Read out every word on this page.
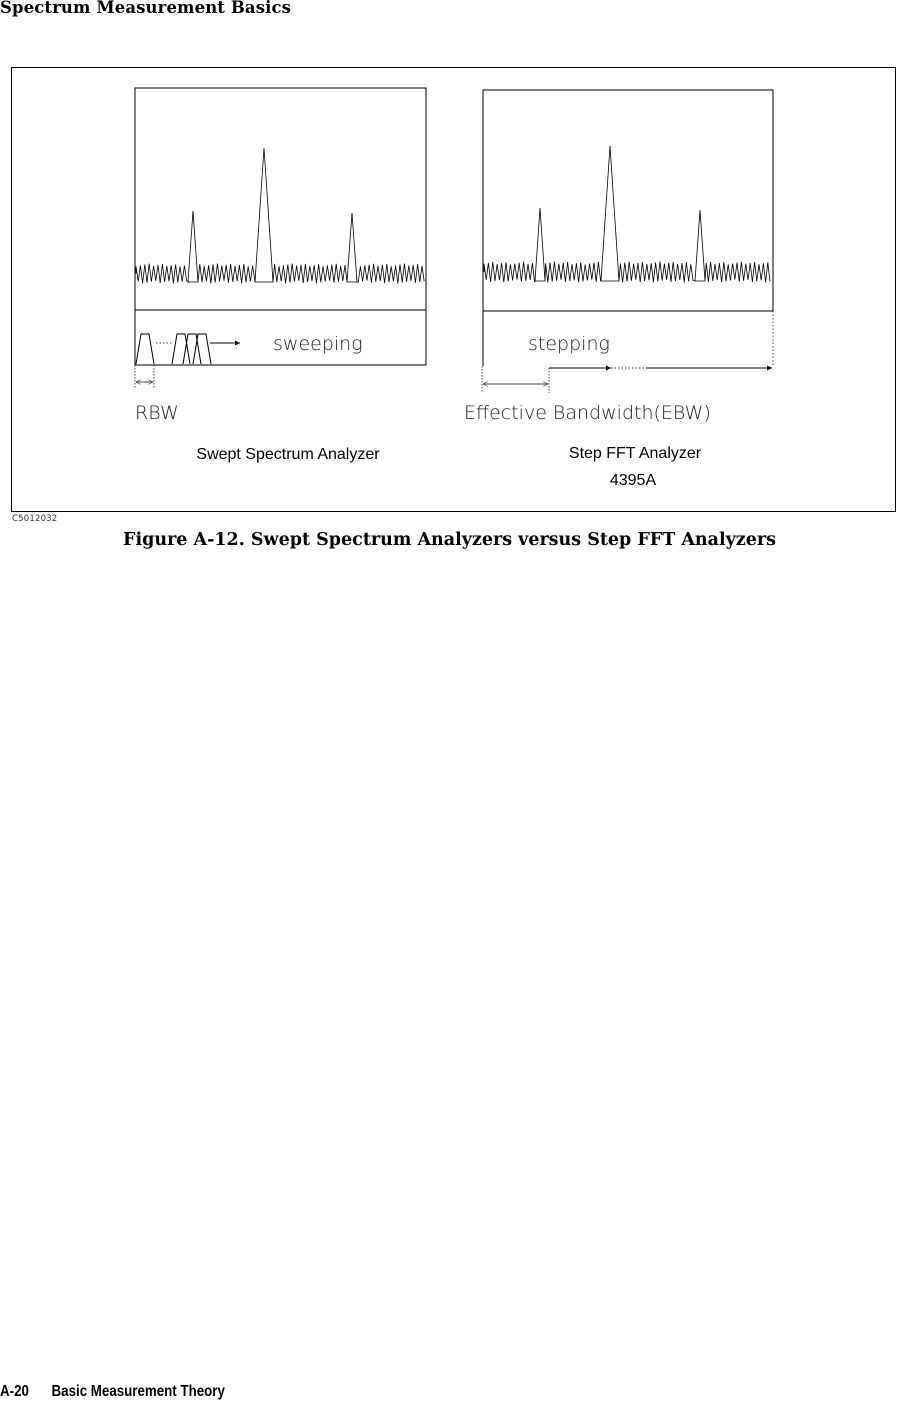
Spectrum Measurement Basics
sweeping
RBW
Swept Spectrum Analyzer
stepping
Effective Bandwidth(EBW)
Step FFT Analyzer
4395A
C5012032
Figure A-12. Swept Spectrum Analyzers versus Step FFT Analyzers
A-20 Basic Measurement Theory
